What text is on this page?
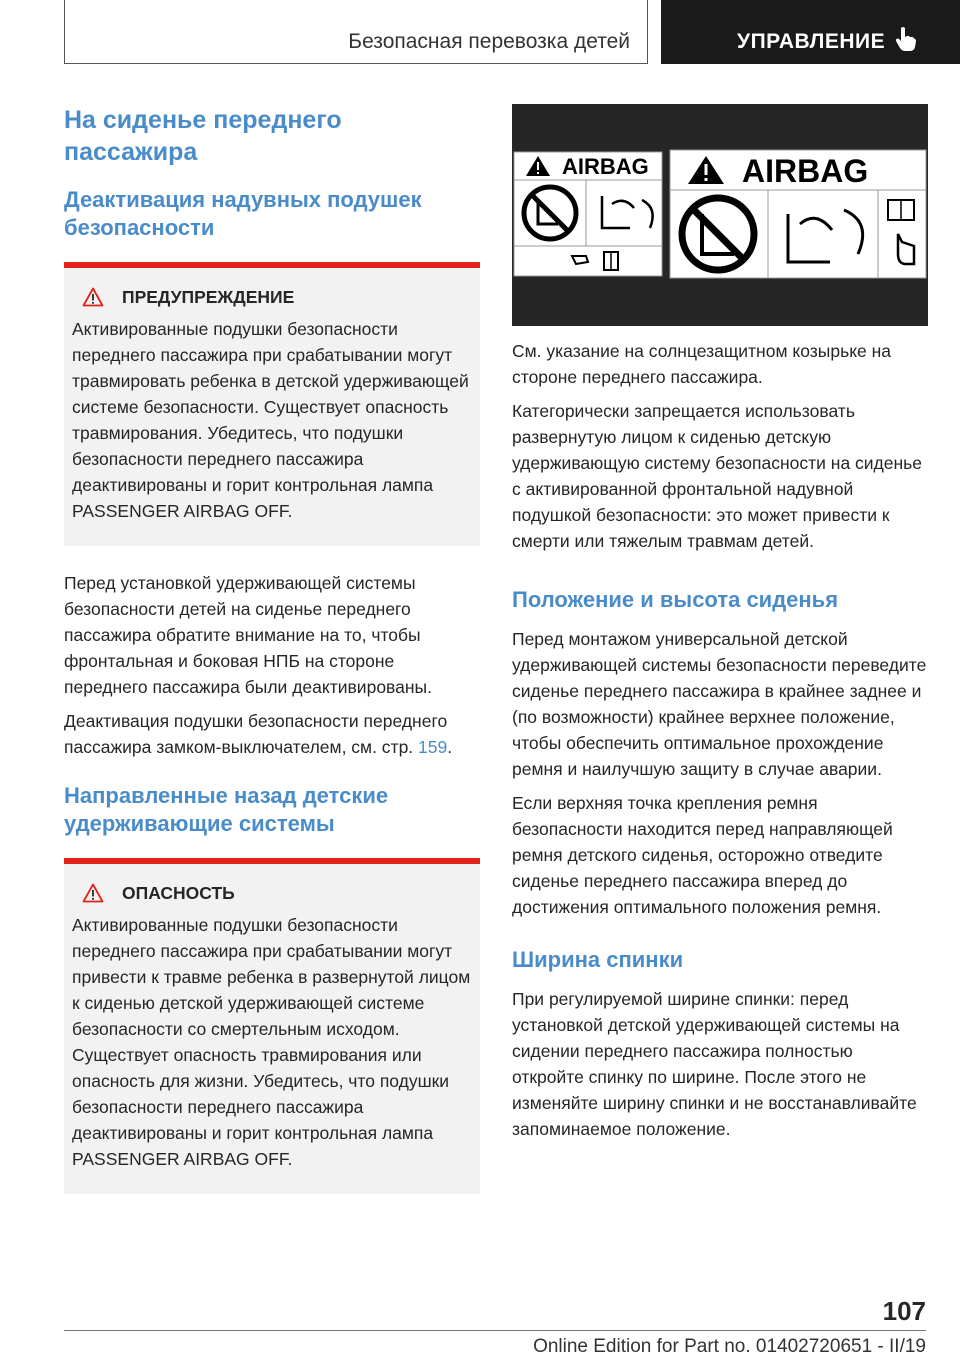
Безопасная перевозка детей	УПРАВЛЕНИЕ
На сиденье переднего пассажира
Деактивация надувных подушек безопасности
ПРЕДУПРЕЖДЕНИЕ

Активированные подушки безопасности переднего пассажира при срабатывании могут травмировать ребенка в детской удерживающей системе безопасности. Существует опасность травмирования. Убедитесь, что подушки безопасности переднего пассажира деактивированы и горит контрольная лампа PASSENGER AIRBAG OFF.

Перед установкой удерживающей системы безопасности детей на сиденье переднего пассажира обратите внимание на то, чтобы фронтальная и боковая НПБ на стороне переднего пассажира были деактивированы.

Деактивация подушки безопасности переднего пассажира замком-выключателем, см. стр. 159.

Направленные назад детские удерживающие системы
ОПАСНОСТЬ

Активированные подушки безопасности переднего пассажира при срабатывании могут привести к травме ребенка в развернутой лицом к сиденью детской удерживающей системе безопасности со смертельным исходом. Существует опасность травмирования или опасность для жизни. Убедитесь, что подушки безопасности переднего пассажира деактивированы и горит контрольная лампа PASSENGER AIRBAG OFF.

AIRBAG	AIRBAG

См. указание на солнцезащитном козырьке на стороне переднего пассажира.

Категорически запрещается использовать развернутую лицом к сиденью детскую удерживающую систему безопасности на сиденье с активированной фронтальной надувной подушкой безопасности: это может привести к смерти или тяжелым травмам детей.

Положение и высота сиденья

Перед монтажом универсальной детской удерживающей системы безопасности переведите сиденье переднего пассажира в крайнее заднее и (по возможности) крайнее верхнее положение, чтобы обеспечить оптимальное прохождение ремня и наилучшую защиту в случае аварии.

Если верхняя точка крепления ремня безопасности находится перед направляющей ремня детского сиденья, осторожно отведите сиденье переднего пассажира вперед до достижения оптимального положения ремня.

Ширина спинки

При регулируемой ширине спинки: перед установкой детской удерживающей системы на сидении переднего пассажира полностью откройте спинку по ширине. После этого не изменяйте ширину спинки и не восстанавливайте запоминаемое положение.

107
Online Edition for Part no. 01402720651 - II/19
